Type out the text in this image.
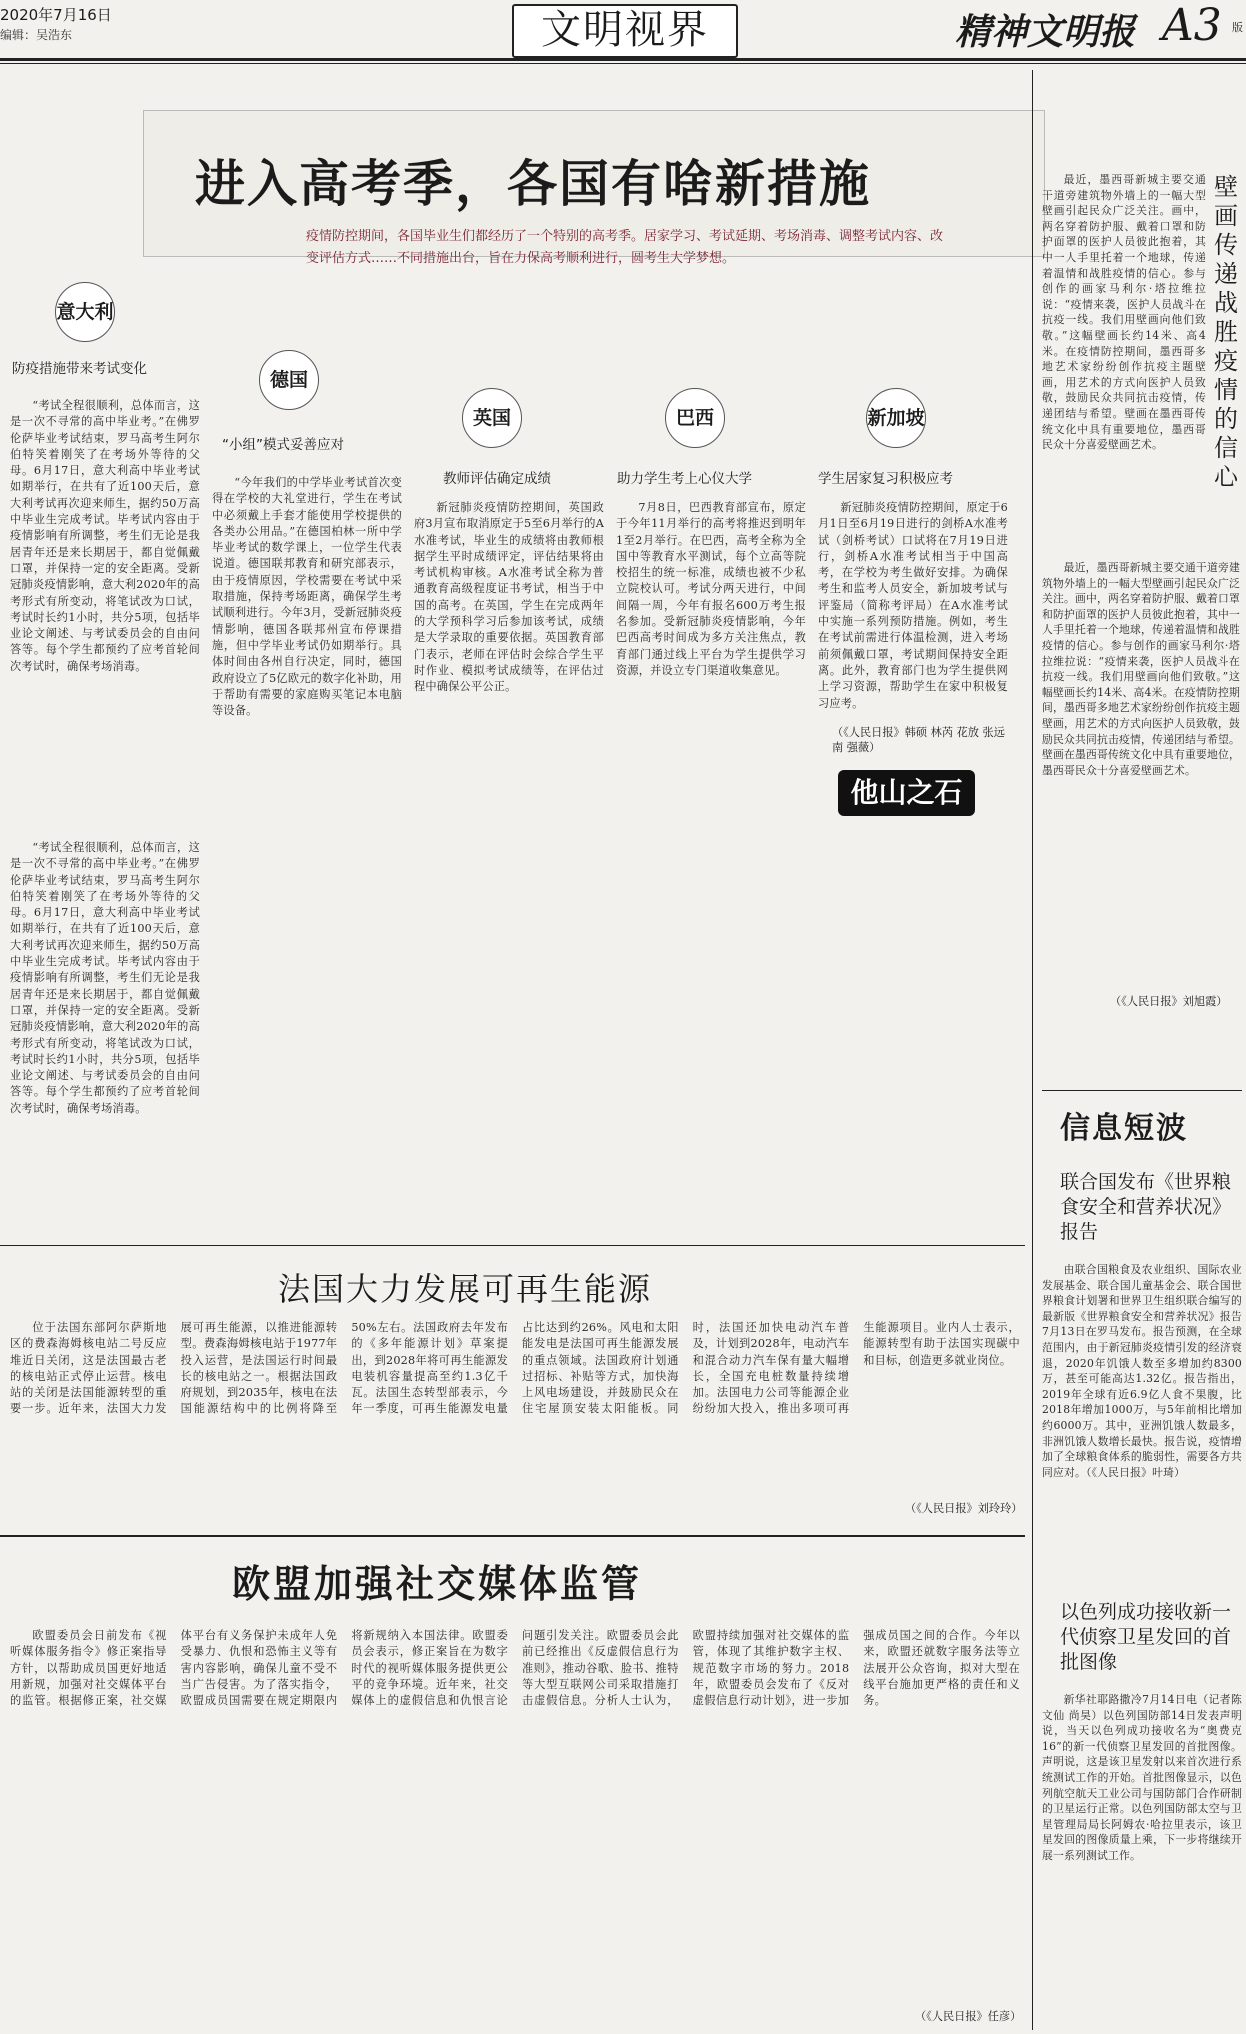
2020年7月16日
编辑：吴浩东	文明视界	精神文明报 A3 版
进入高考季，各国有啥新措施
疫情防控期间，各国毕业生们都经历了一个特别的高考季。居家学习、考试延期、考场消毒、调整考试内容、改变评估方式……不同措施出台，旨在力保高考顺利进行，圆考生大学梦想。
意大利
防疫措施带来考试变化	德国
“小组”模式妥善应对
英国
教师评估确定成绩
巴西
助力学生考上心仪大学
新加坡
学生居家复习积极应考

“考试全程很顺利，总体而言，这是一次不寻常的高中毕业考。”在佛罗伦萨毕业考试结束，罗马高考生阿尔伯特笑着刚笑了在考场外等待的父母。6月17日，意大利高中毕业考试如期举行，在共有了近100天后，意大利考试再次迎来师生，据约50万高中毕业生完成考试。毕考试内容由于疫情影响有所调整，考生们无论是我居青年还是来长期居于，都自觉佩戴口罩，并保持一定的安全距离。受新冠肺炎疫情影响，意大利2020年的高考形式有所变动，将笔试改为口试，考试时长约1小时，共分5项，包括毕业论文阐述、与考试委员会的自由问答等。每个学生都预约了应考首轮间次考试时，确保考场消毒。

“考试全程很顺利，总体而言，这是一次不寻常的高中毕业考。”在佛罗伦萨毕业考试结束，罗马高考生阿尔伯特笑着刚笑了在考场外等待的父母。6月17日，意大利高中毕业考试如期举行，在共有了近100天后，意大利考试再次迎来师生，据约50万高中毕业生完成考试。毕考试内容由于疫情影响有所调整，考生们无论是我居青年还是来长期居于，都自觉佩戴口罩，并保持一定的安全距离。受新冠肺炎疫情影响，意大利2020年的高考形式有所变动，将笔试改为口试，考试时长约1小时，共分5项，包括毕业论文阐述、与考试委员会的自由问答等。每个学生都预约了应考首轮间次考试时，确保考场消毒。

“今年我们的中学毕业考试首次变得在学校的大礼堂进行，学生在考试中必须戴上手套才能使用学校提供的各类办公用品。”在德国柏林一所中学毕业考试的数学课上，一位学生代表说道。德国联邦教育和研究部表示，由于疫情原因，学校需要在考试中采取措施，保持考场距离，确保学生考试顺利进行。今年3月，受新冠肺炎疫情影响，德国各联邦州宣布停课措施，但中学毕业考试仍如期举行。具体时间由各州自行决定，同时，德国政府设立了5亿欧元的数字化补助，用于帮助有需要的家庭购买笔记本电脑等设备。

新冠肺炎疫情防控期间，英国政府3月宣布取消原定于5至6月举行的A水准考试，毕业生的成绩将由教师根据学生平时成绩评定，评估结果将由考试机构审核。A水准考试全称为普通教育高级程度证书考试，相当于中国的高考。在英国，学生在完成两年的大学预科学习后参加该考试，成绩是大学录取的重要依据。英国教育部门表示，老师在评估时会综合学生平时作业、模拟考试成绩等，在评估过程中确保公平公正。

7月8日，巴西教育部宣布，原定于今年11月举行的高考将推迟到明年1至2月举行。在巴西，高考全称为全国中等教育水平测试，每个立高等院校招生的统一标准，成绩也被不少私立院校认可。考试分两天进行，中间间隔一周，今年有报名600万考生报名参加。受新冠肺炎疫情影响，今年巴西高考时间成为多方关注焦点，教育部门通过线上平台为学生提供学习资源，并设立专门渠道收集意见。

新冠肺炎疫情防控期间，原定于6月1日至6月19日进行的剑桥A水准考试（剑桥考试）口试将在7月19日进行，剑桥A水准考试相当于中国高考，在学校为考生做好安排。为确保考生和监考人员安全，新加坡考试与评鉴局（简称考评局）在A水准考试中实施一系列预防措施。例如，考生在考试前需进行体温检测，进入考场前须佩戴口罩，考试期间保持安全距离。此外，教育部门也为学生提供网上学习资源，帮助学生在家中积极复习应考。

（《人民日报》韩硕 林芮 花放 张远南 强薇）
他山之石
壁画传递战胜疫情的信心

最近，墨西哥新城主要交通干道旁建筑物外墙上的一幅大型壁画引起民众广泛关注。画中，两名穿着防护服、戴着口罩和防护面罩的医护人员彼此抱着，其中一人手里托着一个地球，传递着温情和战胜疫情的信心。参与创作的画家马利尔·塔拉维拉说：“疫情来袭，医护人员战斗在抗疫一线。我们用壁画向他们致敬。”这幅壁画长约14米、高4米。在疫情防控期间，墨西哥多地艺术家纷纷创作抗疫主题壁画，用艺术的方式向医护人员致敬，鼓励民众共同抗击疫情，传递团结与希望。壁画在墨西哥传统文化中具有重要地位，墨西哥民众十分喜爱壁画艺术。

最近，墨西哥新城主要交通干道旁建筑物外墙上的一幅大型壁画引起民众广泛关注。画中，两名穿着防护服、戴着口罩和防护面罩的医护人员彼此抱着，其中一人手里托着一个地球，传递着温情和战胜疫情的信心。参与创作的画家马利尔·塔拉维拉说：“疫情来袭，医护人员战斗在抗疫一线。我们用壁画向他们致敬。”这幅壁画长约14米、高4米。在疫情防控期间，墨西哥多地艺术家纷纷创作抗疫主题壁画，用艺术的方式向医护人员致敬，鼓励民众共同抗击疫情，传递团结与希望。壁画在墨西哥传统文化中具有重要地位，墨西哥民众十分喜爱壁画艺术。

（《人民日报》刘旭霞）
信息短波
联合国发布《世界粮食安全和营养状况》报告

由联合国粮食及农业组织、国际农业发展基金、联合国儿童基金会、联合国世界粮食计划署和世界卫生组织联合编写的最新版《世界粮食安全和营养状况》报告7月13日在罗马发布。报告预测，在全球范围内，由于新冠肺炎疫情引发的经济衰退，2020年饥饿人数至多增加约8300万，甚至可能高达1.32亿。报告指出，2019年全球有近6.9亿人食不果腹，比2018年增加1000万，与5年前相比增加约6000万。其中，亚洲饥饿人数最多，非洲饥饿人数增长最快。报告说，疫情增加了全球粮食体系的脆弱性，需要各方共同应对。（《人民日报》叶琦）

以色列成功接收新一代侦察卫星发回的首批图像

新华社耶路撒冷7月14日电（记者陈文仙 尚昊）以色列国防部14日发表声明说，当天以色列成功接收名为“奥费克16”的新一代侦察卫星发回的首批图像。声明说，这是该卫星发射以来首次进行系统测试工作的开始。首批图像显示，以色列航空航天工业公司与国防部门合作研制的卫星运行正常。以色列国防部太空与卫星管理局局长阿姆农·哈拉里表示，该卫星发回的图像质量上乘，下一步将继续开展一系列测试工作。

法国大力发展可再生能源

位于法国东部阿尔萨斯地区的费森海姆核电站二号反应堆近日关闭，这是法国最古老的核电站正式停止运营。核电站的关闭是法国能源转型的重要一步。近年来，法国大力发展可再生能源，以推进能源转型。费森海姆核电站于1977年投入运营，是法国运行时间最长的核电站之一。根据法国政府规划，到2035年，核电在法国能源结构中的比例将降至50%左右。法国政府去年发布的《多年能源计划》草案提出，到2028年将可再生能源发电装机容量提高至约1.3亿千瓦。法国生态转型部表示，今年一季度，可再生能源发电量占比达到约26%。风电和太阳能发电是法国可再生能源发展的重点领域。法国政府计划通过招标、补贴等方式，加快海上风电场建设，并鼓励民众在住宅屋顶安装太阳能板。同时，法国还加快电动汽车普及，计划到2028年，电动汽车和混合动力汽车保有量大幅增长，全国充电桩数量持续增加。法国电力公司等能源企业纷纷加大投入，推出多项可再生能源项目。业内人士表示，能源转型有助于法国实现碳中和目标，创造更多就业岗位。

（《人民日报》刘玲玲）
欧盟加强社交媒体监管

欧盟委员会日前发布《视听媒体服务指令》修正案指导方针，以帮助成员国更好地适用新规，加强对社交媒体平台的监管。根据修正案，社交媒体平台有义务保护未成年人免受暴力、仇恨和恐怖主义等有害内容影响，确保儿童不受不当广告侵害。为了落实指令，欧盟成员国需要在规定期限内将新规纳入本国法律。欧盟委员会表示，修正案旨在为数字时代的视听媒体服务提供更公平的竞争环境。近年来，社交媒体上的虚假信息和仇恨言论问题引发关注。欧盟委员会此前已经推出《反虚假信息行为准则》，推动谷歌、脸书、推特等大型互联网公司采取措施打击虚假信息。分析人士认为，欧盟持续加强对社交媒体的监管，体现了其维护数字主权、规范数字市场的努力。2018年，欧盟委员会发布了《反对虚假信息行动计划》，进一步加强成员国之间的合作。今年以来，欧盟还就数字服务法等立法展开公众咨询，拟对大型在线平台施加更严格的责任和义务。

（《人民日报》任彦）
